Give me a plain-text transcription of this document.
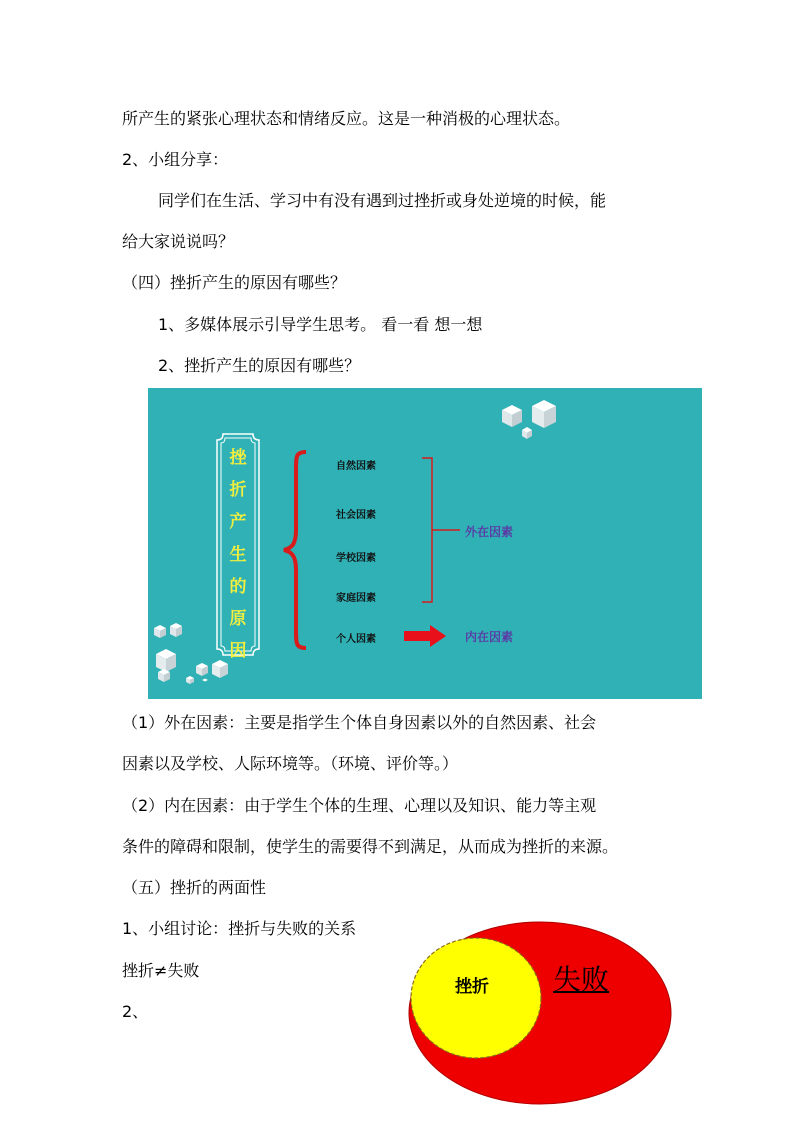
所产生的紧张心理状态和情绪反应。这是一种消极的心理状态。
2、小组分享：
同学们在生活、学习中有没有遇到过挫折或身处逆境的时候，能
给大家说说吗？
（四）挫折产生的原因有哪些？
1、多媒体展示引导学生思考。 看一看 想一想
2、挫折产生的原因有哪些？
挫
折
产
生
的
原
因
自然因素
社会因素
学校因素
家庭因素
个人因素
外在因素
内在因素
（1）外在因素：主要是指学生个体自身因素以外的自然因素、社会
因素以及学校、人际环境等。（环境、评价等。）
（2）内在因素：由于学生个体的生理、心理以及知识、能力等主观
条件的障碍和限制，使学生的需要得不到满足，从而成为挫折的来源。
（五）挫折的两面性
1、小组讨论：挫折与失败的关系
挫折≠失败
2、
挫折 失败
